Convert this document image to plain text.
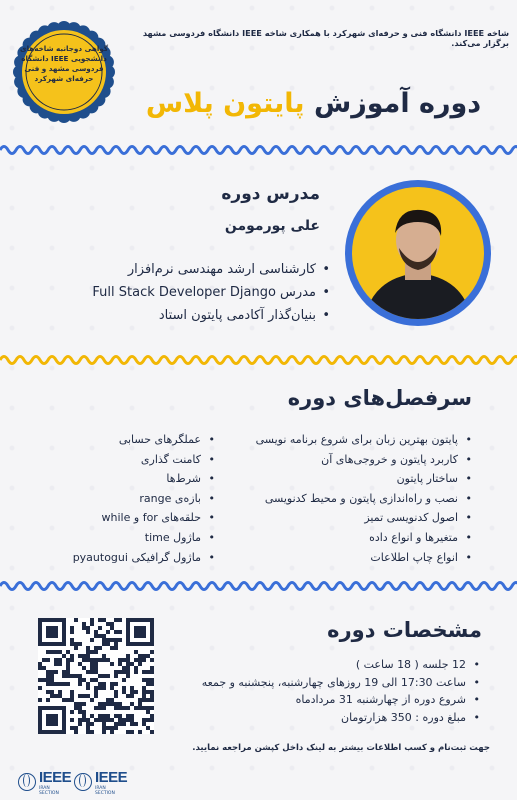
گواهی دوجانبه شاخه‌های دانشجویی IEEE دانشگاه فردوسی مشهد و فنی حرفه‌ای شهرکرد
شاخه IEEE دانشگاه فنی و حرفه‌ای شهرکرد با همکاری شاخه IEEE دانشگاه فردوسی مشهد برگزار می‌کند.
دوره آموزش پایتون پلاس
مدرس دوره
علی پورمومن
• کارشناسی ارشد مهندسی نرم‌افزار
• مدرس Full Stack Developer Django
• بنیان‌گذار آکادمی پایتون استاد
سرفصل‌های دوره
• پایتون بهترین زبان برای شروع برنامه نویسی
• کاربرد پایتون و خروجی‌های آن
• ساختار پایتون
• نصب و راه‌اندازی پایتون و محیط کدنویسی
• اصول کدنویسی تمیز
• متغیرها و انواع داده
• انواع چاپ اطلاعات
• عملگرهای حسابی
• کامنت گذاری
• شرط‌ها
• بازه‌ی range
• حلقه‌های for و while
• ماژول time
• ماژول گرافیکی pyautogui
مشخصات دوره
• 12 جلسه ( 18 ساعت )
• ساعت 17:30 الی 19 روزهای چهارشنبه، پنجشنبه و جمعه
• شروع دوره از چهارشنبه 31 مردادماه
• مبلغ دوره : 350 هزارتومان
جهت ثبت‌نام و کسب اطلاعات بیشتر به لینک داخل کپشن مراجعه نمایید.
IEEE
IRAN SECTION
IEEE
IRAN SECTION
